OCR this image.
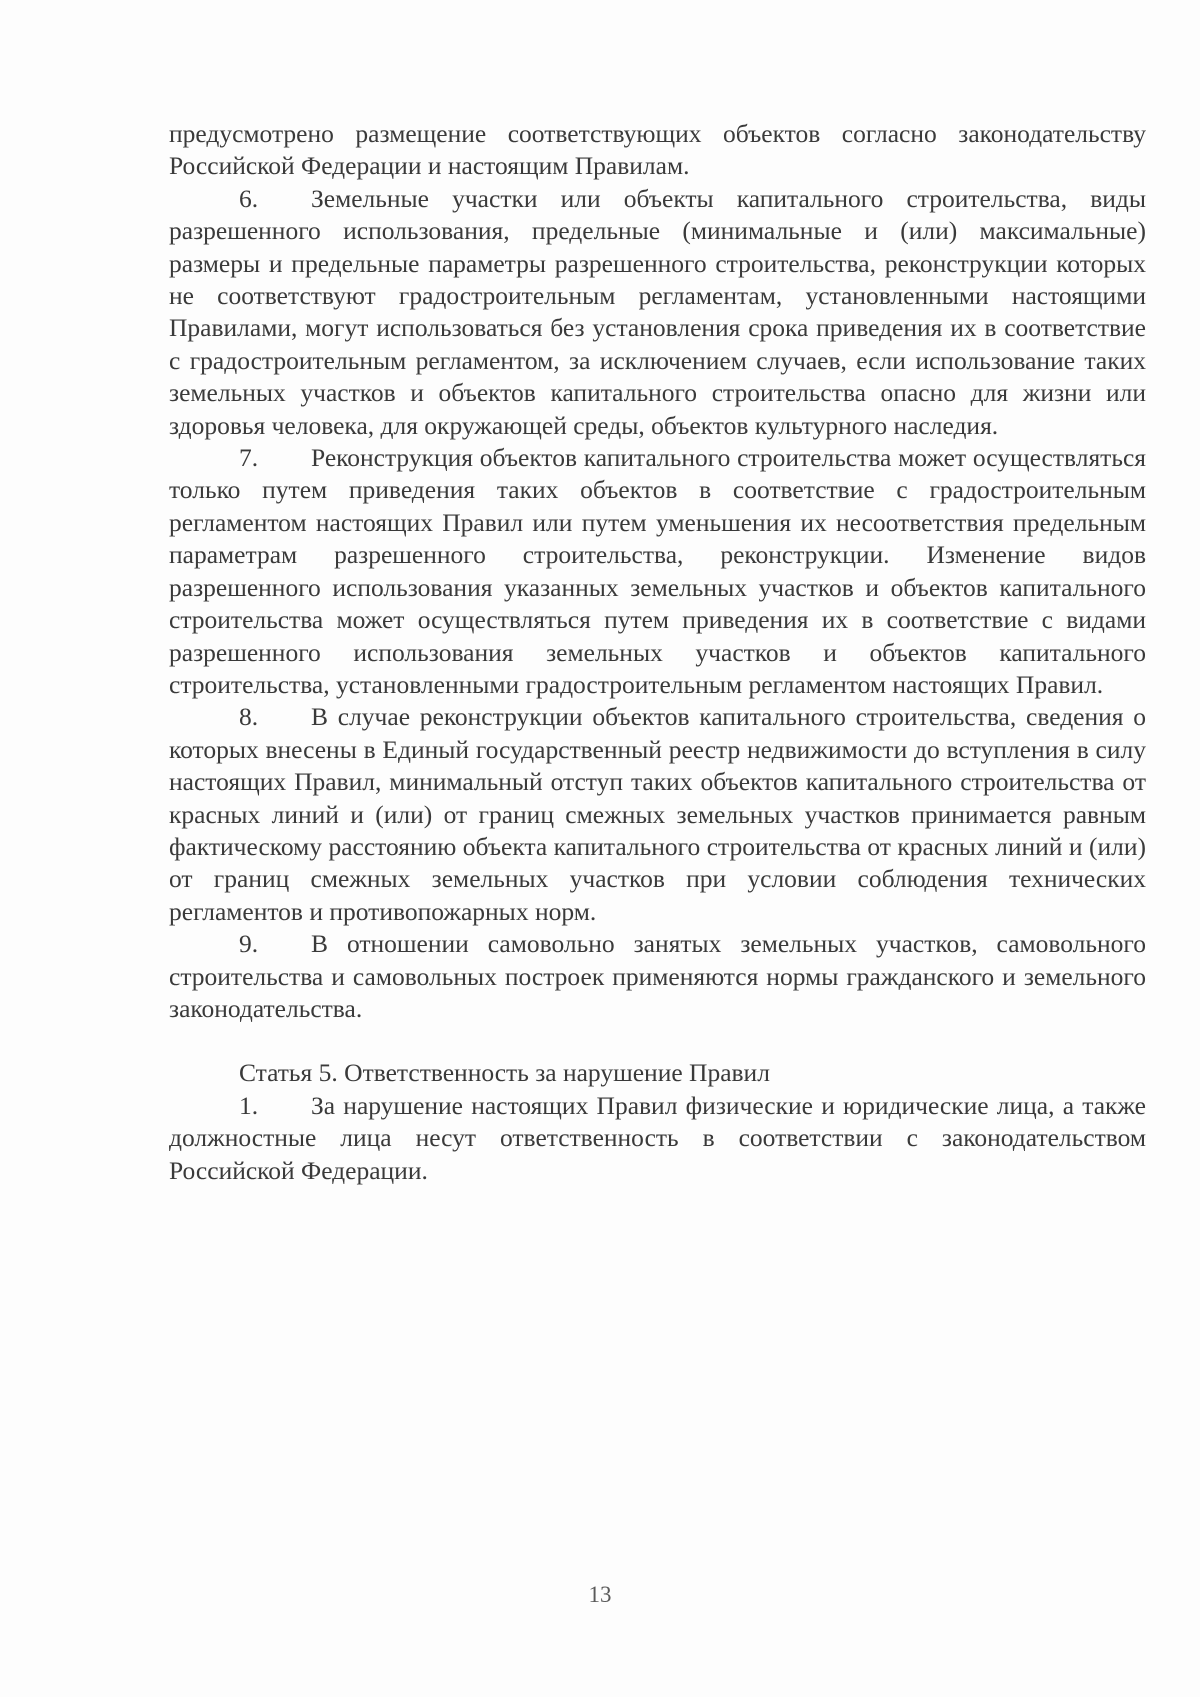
предусмотрено размещение соответствующих объектов согласно законодательству Российской Федерации и настоящим Правилам.

6. Земельные участки или объекты капитального строительства, виды разрешенного использования, предельные (минимальные и (или) максимальные) размеры и предельные параметры разрешенного строительства, реконструкции которых не соответствуют градостроительным регламентам, установленными настоящими Правилами, могут использоваться без установления срока приведения их в соответствие с градостроительным регламентом, за исключением случаев, если использование таких земельных участков и объектов капитального строительства опасно для жизни или здоровья человека, для окружающей среды, объектов культурного наследия.

7. Реконструкция объектов капитального строительства может осуществляться только путем приведения таких объектов в соответствие с градостроительным регламентом настоящих Правил или путем уменьшения их несоответствия предельным параметрам разрешенного строительства, реконструкции. Изменение видов разрешенного использования указанных земельных участков и объектов капитального строительства может осуществляться путем приведения их в соответствие с видами разрешенного использования земельных участков и объектов капитального строительства, установленными градостроительным регламентом настоящих Правил.

8. В случае реконструкции объектов капитального строительства, сведения о которых внесены в Единый государственный реестр недвижимости до вступления в силу настоящих Правил, минимальный отступ таких объектов капитального строительства от красных линий и (или) от границ смежных земельных участков принимается равным фактическому расстоянию объекта капитального строительства от красных линий и (или) от границ смежных земельных участков при условии соблюдения технических регламентов и противопожарных норм.

9. В отношении самовольно занятых земельных участков, самовольного строительства и самовольных построек применяются нормы гражданского и земельного законодательства.

Статья 5. Ответственность за нарушение Правил

1. За нарушение настоящих Правил физические и юридические лица, а также должностные лица несут ответственность в соответствии с законодательством Российской Федерации.

13
